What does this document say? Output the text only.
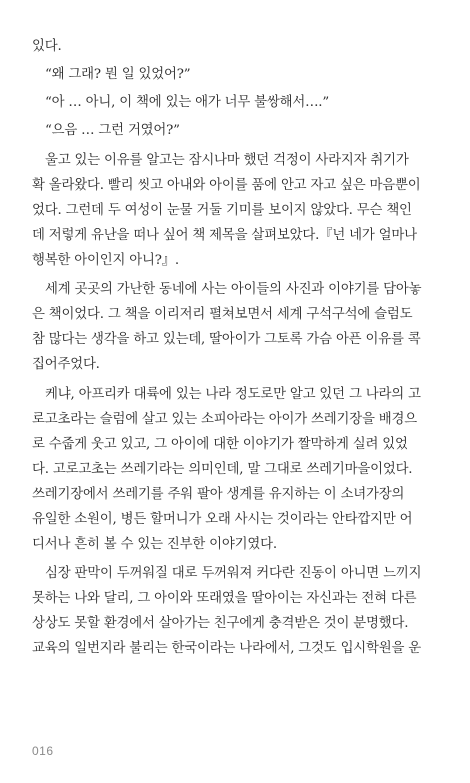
있다.
“왜 그래? 뭔 일 있었어?”
“아 … 아니, 이 책에 있는 애가 너무 불쌍해서….”
“으음 … 그런 거였어?”
울고 있는 이유를 알고는 잠시나마 했던 걱정이 사라지자 취기가
확 올라왔다. 빨리 씻고 아내와 아이를 품에 안고 자고 싶은 마음뿐이
었다. 그런데 두 여성이 눈물 거둘 기미를 보이지 않았다. 무슨 책인
데 저렇게 유난을 떠나 싶어 책 제목을 살펴보았다.『넌 네가 얼마나
행복한 아이인지 아니?』.
세계 곳곳의 가난한 동네에 사는 아이들의 사진과 이야기를 담아놓
은 책이었다. 그 책을 이리저리 펼쳐보면서 세계 구석구석에 슬럼도
참 많다는 생각을 하고 있는데, 딸아이가 그토록 가슴 아픈 이유를 콕
집어주었다.
케냐, 아프리카 대륙에 있는 나라 정도로만 알고 있던 그 나라의 고
로고초라는 슬럼에 살고 있는 소피아라는 아이가 쓰레기장을 배경으
로 수줍게 웃고 있고, 그 아이에 대한 이야기가 짤막하게 실려 있었
다. 고로고초는 쓰레기라는 의미인데, 말 그대로 쓰레기마을이었다.
쓰레기장에서 쓰레기를 주워 팔아 생계를 유지하는 이 소녀가장의
유일한 소원이, 병든 할머니가 오래 사시는 것이라는 안타깝지만 어
디서나 흔히 볼 수 있는 진부한 이야기였다.
심장 판막이 두꺼워질 대로 두꺼워져 커다란 진동이 아니면 느끼지
못하는 나와 달리, 그 아이와 또래였을 딸아이는 자신과는 전혀 다른
상상도 못할 환경에서 살아가는 친구에게 충격받은 것이 분명했다.
교육의 일번지라 불리는 한국이라는 나라에서, 그것도 입시학원을 운
016
